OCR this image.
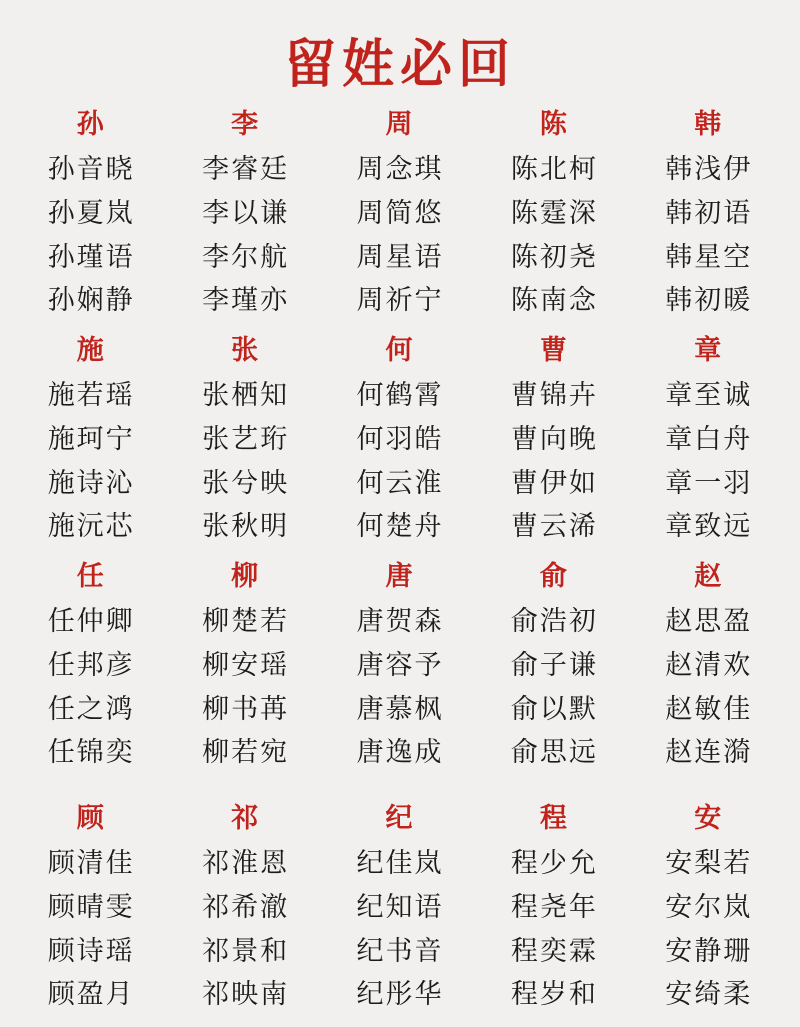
留姓必回
孙
孙音晓
孙夏岚
孙瑾语
孙娴静
李
李睿廷
李以谦
李尔航
李瑾亦
周
周念琪
周简悠
周星语
周祈宁
陈
陈北柯
陈霆深
陈初尧
陈南念
韩
韩浅伊
韩初语
韩星空
韩初暖
施
施若瑶
施珂宁
施诗沁
施沅芯
张
张栖知
张艺珩
张兮映
张秋明
何
何鹤霄
何羽皓
何云淮
何楚舟
曹
曹锦卉
曹向晚
曹伊如
曹云浠
章
章至诚
章白舟
章一羽
章致远
任
任仲卿
任邦彦
任之鸿
任锦奕
柳
柳楚若
柳安瑶
柳书苒
柳若宛
唐
唐贺森
唐容予
唐慕枫
唐逸成
俞
俞浩初
俞子谦
俞以默
俞思远
赵
赵思盈
赵清欢
赵敏佳
赵连漪
顾
顾清佳
顾晴雯
顾诗瑶
顾盈月
祁
祁淮恩
祁希澈
祁景和
祁映南
纪
纪佳岚
纪知语
纪书音
纪彤华
程
程少允
程尧年
程奕霖
程岁和
安
安梨若
安尔岚
安静珊
安绮柔
